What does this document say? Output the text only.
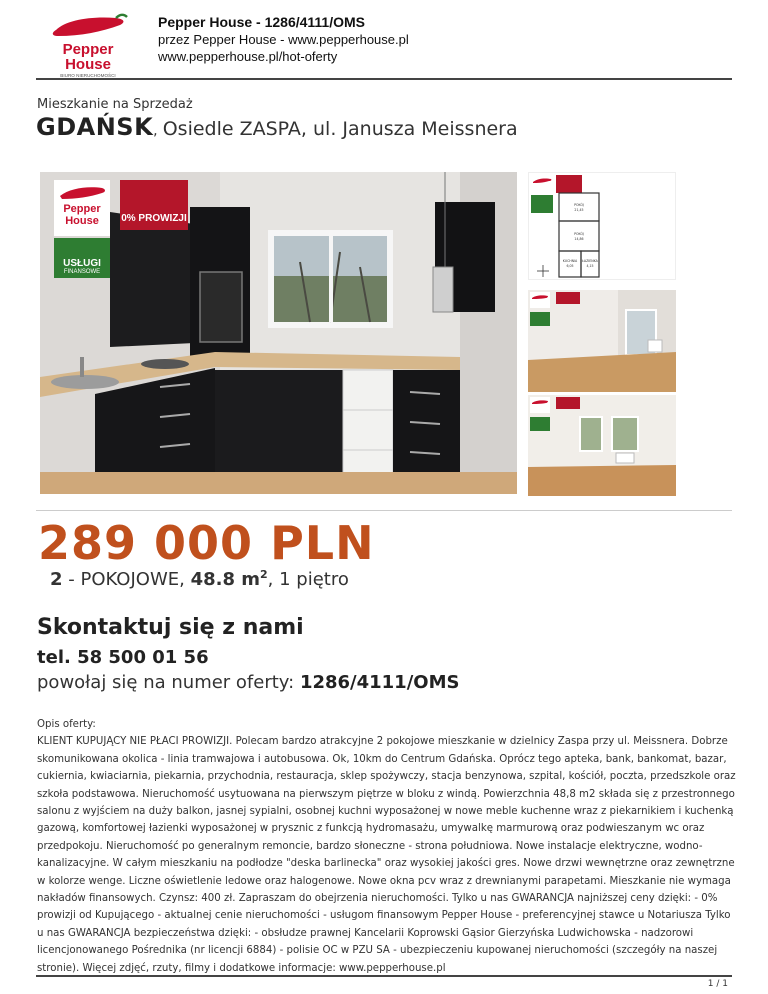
Pepper
House
BIURO NIERUCHOMOŚCI
Pepper House - 1286/4111/OMS
przez Pepper House - www.pepperhouse.pl
www.pepperhouse.pl/hot-oferty
Mieszkanie na Sprzedaż
GDAŃSK, Osiedle ZASPA, ul. Janusza Meissnera
Pepper
House 0% PROWIZJI
USŁUGI
FINANSOWE
POKÓJ
21,45
POKÓJ
14,86
KUCHNIA
6,05
ŁAZIENKA
4,15
289 000 PLN
2 - POKOJOWE, 48.8 $m^2$, 1 piętro
Skontaktuj się z nami
tel. 58 500 01 56
powołaj się na numer oferty: 1286/4111/OMS
Opis oferty:
KLIENT KUPUJĄCY NIE PŁACI PROWIZJI. Polecam bardzo atrakcyjne 2 pokojowe mieszkanie w dzielnicy Zaspa przy ul. Meissnera. Dobrze skomunikowana okolica - linia tramwajowa i autobusowa. Ok, 10km do Centrum Gdańska. Oprócz tego apteka, bank, bankomat, bazar, cukiernia, kwiaciarnia, piekarnia, przychodnia, restauracja, sklep spożywczy, stacja benzynowa, szpital, kościół, poczta, przedszkole oraz szkoła podstawowa. Nieruchomość usytuowana na pierwszym piętrze w bloku z windą. Powierzchnia 48,8 m2 składa się z przestronnego salonu z wyjściem na duży balkon, jasnej sypialni, osobnej kuchni wyposażonej w nowe meble kuchenne wraz z piekarnikiem i kuchenką gazową, komfortowej łazienki wyposażonej w prysznic z funkcją hydromasażu, umywalkę marmurową oraz podwieszanym wc oraz przedpokoju. Nieruchomość po generalnym remoncie, bardzo słoneczne - strona południowa. Nowe instalacje elektryczne, wodno- kanalizacyjne. W całym mieszkaniu na podłodze "deska barlinecka" oraz wysokiej jakości gres. Nowe drzwi wewnętrzne oraz zewnętrzne w kolorze wenge. Liczne oświetlenie ledowe oraz halogenowe. Nowe okna pcv wraz z drewnianymi parapetami. Mieszkanie nie wymaga nakładów finansowych. Czynsz: 400 zł. Zapraszam do obejrzenia nieruchomości. Tylko u nas GWARANCJA najniższej ceny dzięki: - 0% prowizji od Kupującego - aktualnej cenie nieruchomości - usługom finansowym Pepper House - preferencyjnej stawce u Notariusza Tylko u nas GWARANCJA bezpieczeństwa dzięki: - obsłudze prawnej Kancelarii Koprowski Gąsior Gierzyńska Ludwichowska - nadzorowi licencjonowanego Pośrednika (nr licencji 6884) - polisie OC w PZU SA - ubezpieczeniu kupowanej nieruchomości (szczegóły na naszej stronie). Więcej zdjęć, rzuty, filmy i dodatkowe informacje: www.pepperhouse.pl
1 / 1
